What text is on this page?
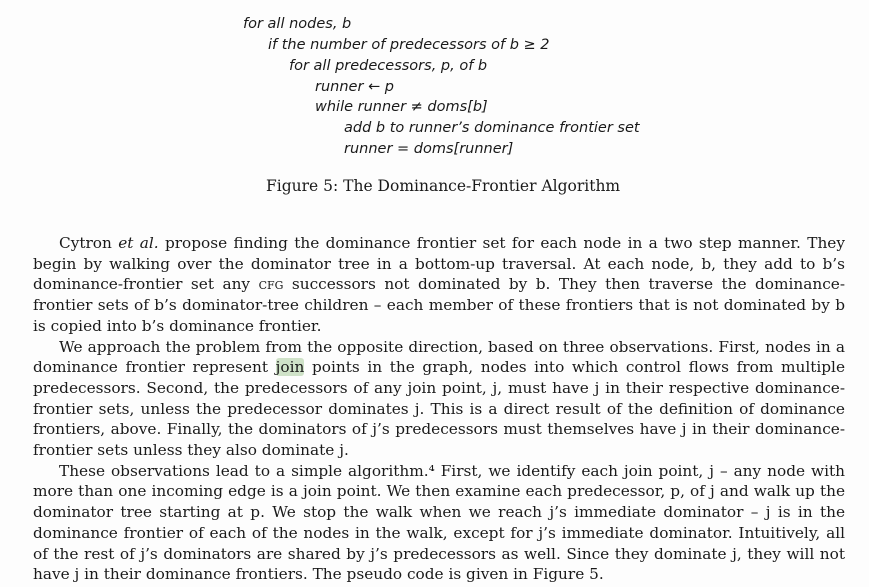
for all nodes, b
if the number of predecessors of b ≥ 2
for all predecessors, p, of b
runner ← p
while runner ≠ doms[b]
add b to runner’s dominance frontier set
runner = doms[runner]
Figure 5: The Dominance-Frontier Algorithm

Cytron et al. propose finding the dominance frontier set for each node in a two step manner. They begin by walking over the dominator tree in a bottom-up traversal. At each node, b, they add to b’s dominance-frontier set any cfg successors not dominated by b. They then traverse the dominance-frontier sets of b’s dominator-tree children – each member of these frontiers that is not dominated by b is copied into b’s dominance frontier.

We approach the problem from the opposite direction, based on three observations. First, nodes in a dominance frontier represent join points in the graph, nodes into which control flows from multiple predecessors. Second, the predecessors of any join point, j, must have j in their respective dominance-frontier sets, unless the predecessor dominates j. This is a direct result of the definition of dominance frontiers, above. Finally, the dominators of j’s predecessors must themselves have j in their dominance-frontier sets unless they also dominate j.

These observations lead to a simple algorithm.⁴ First, we identify each join point, j – any node with more than one incoming edge is a join point. We then examine each predecessor, p, of j and walk up the dominator tree starting at p. We stop the walk when we reach j’s immediate dominator – j is in the dominance frontier of each of the nodes in the walk, except for j’s immediate dominator. Intuitively, all of the rest of j’s dominators are shared by j’s predecessors as well. Since they dominate j, they will not have j in their dominance frontiers. The pseudo code is given in Figure 5.
